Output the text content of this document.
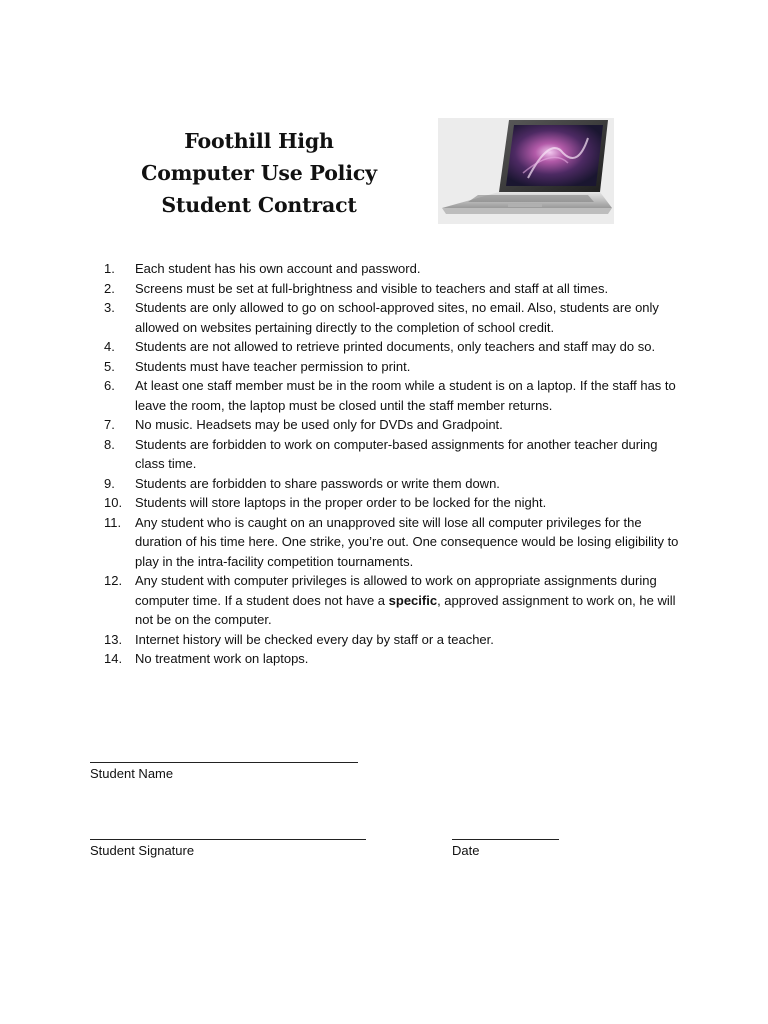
Foothill High
Computer Use Policy
Student Contract
1.	Each student has his own account and password.
2.	Screens must be set at full-brightness and visible to teachers and staff at all times.
3.	Students are only allowed to go on school-approved sites, no email. Also, students are only allowed on websites pertaining directly to the completion of school credit.
4.	Students are not allowed to retrieve printed documents, only teachers and staff may do so.
5.	Students must have teacher permission to print.
6.	At least one staff member must be in the room while a student is on a laptop. If the staff has to leave the room, the laptop must be closed until the staff member returns.
7.	No music. Headsets may be used only for DVDs and Gradpoint.
8.	Students are forbidden to work on computer-based assignments for another teacher during class time.
9.	Students are forbidden to share passwords or write them down.
10. Students will store laptops in the proper order to be locked for the night.
11.	Any student who is caught on an unapproved site will lose all computer privileges for the duration of his time here. One strike, you’re out. One consequence would be losing eligibility to play in the intra-facility competition tournaments.
12. Any student with computer privileges is allowed to work on appropriate assignments during computer time. If a student does not have a specific, approved assignment to work on, he will not be on the computer.
13. Internet history will be checked every day by staff or a teacher.
14. No treatment work on laptops.
Student Name
Student Signature	Date
